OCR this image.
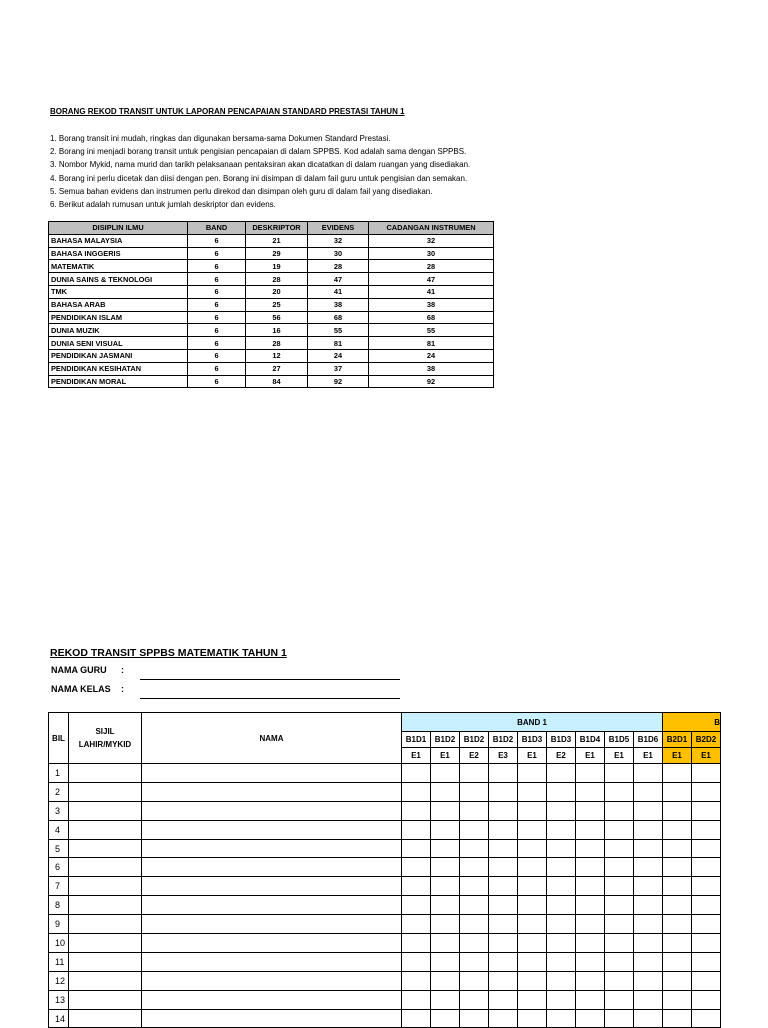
BORANG REKOD TRANSIT UNTUK LAPORAN PENCAPAIAN STANDARD PRESTASI TAHUN 1
1. Borang transit ini mudah, ringkas dan digunakan bersama-sama Dokumen Standard Prestasi.
2. Borang ini menjadi borang transit untuk pengisian pencapaian di dalam SPPBS. Kod adalah sama dengan SPPBS.
3. Nombor Mykid, nama murid dan tarikh pelaksanaan pentaksiran akan dicatatkan di dalam ruangan yang disediakan.
4. Borang ini perlu dicetak dan diisi dengan pen. Borang ini disimpan di dalam fail guru untuk pengisian dan semakan.
5. Semua bahan evidens dan instrumen perlu direkod dan disimpan oleh guru di dalam fail yang disediakan.
6. Berikut adalah rumusan untuk jumlah deskriptor dan evidens.
DISIPLIN ILMU	BAND	DESKRIPTOR	EVIDENS	CADANGAN INSTRUMEN
BAHASA MALAYSIA	6	21	32	32
BAHASA INGGERIS	6	29	30	30
MATEMATIK	6	19	28	28
DUNIA SAINS & TEKNOLOGI	6	28	47	47
TMK	6	20	41	41
BAHASA ARAB	6	25	38	38
PENDIDIKAN ISLAM	6	56	68	68
DUNIA MUZIK	6	16	55	55
DUNIA SENI VISUAL	6	28	81	81
PENDIDIKAN JASMANI	6	12	24	24
PENDIDIKAN KESIHATAN	6	27	37	38
PENDIDIKAN MORAL	6	84	92	92
REKOD TRANSIT SPPBS MATEMATIK TAHUN 1
NAMA GURU :
NAMA KELAS :
BIL	SIJIL LAHIR/MYKID	NAMA	BAND 1									B	
			B1D1	B1D2	B1D2	B1D2	B1D3	B1D3	B1D4	B1D5	B1D6	B2D1	B2D2
			E1	E1	E2	E3	E1	E2	E1	E1	E1	E1	E1
1													
2													
3													
4													
5													
6													
7													
8													
9													
10													
11													
12													
13													
14													
